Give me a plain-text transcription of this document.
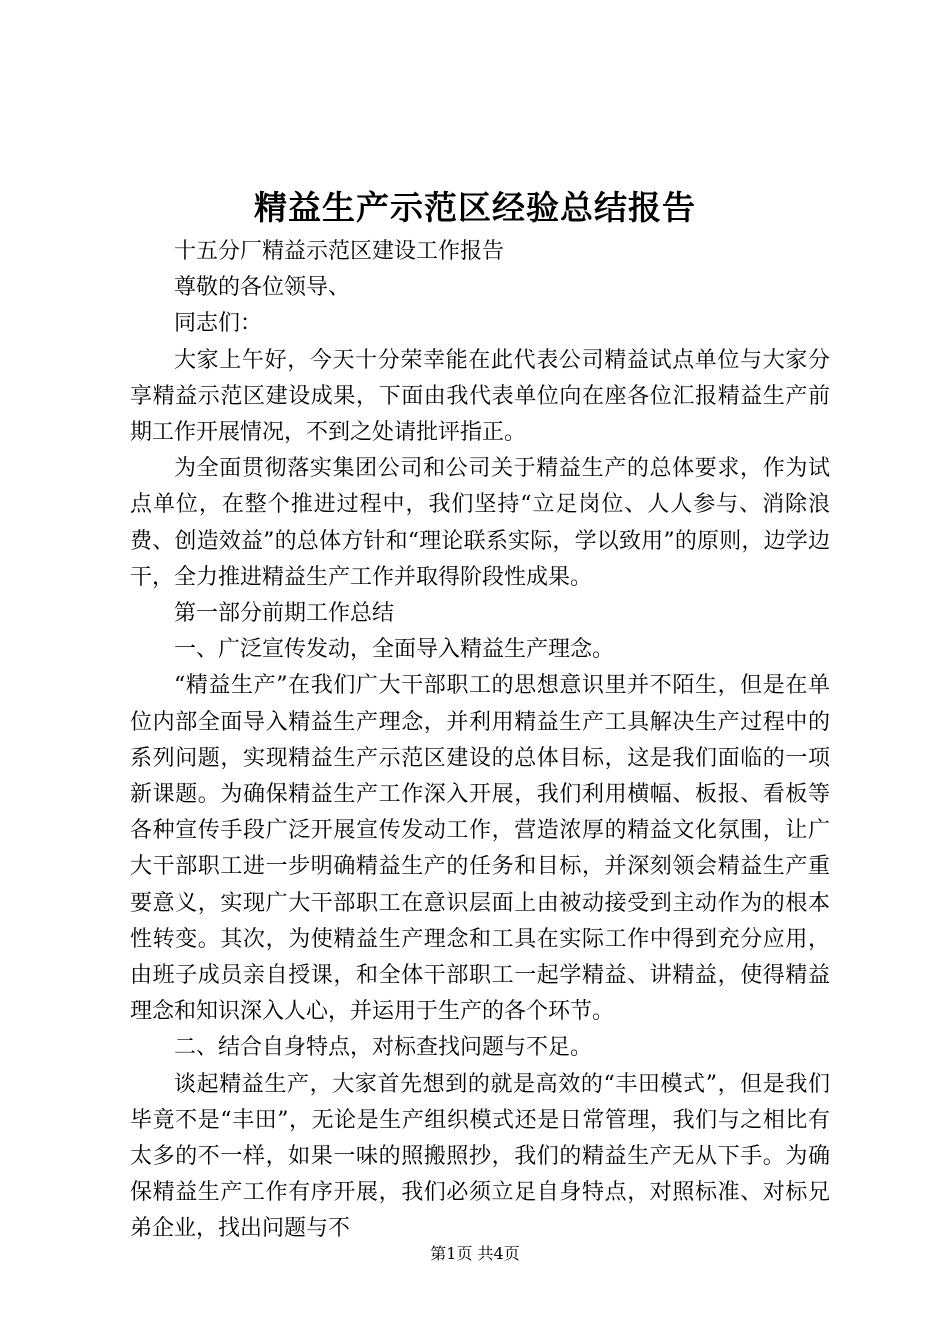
精益生产示范区经验总结报告

十五分厂精益示范区建设工作报告

尊敬的各位领导、

同志们：

大家上午好，今天十分荣幸能在此代表公司精益试点单位与大家分享精益示范区建设成果，下面由我代表单位向在座各位汇报精益生产前期工作开展情况，不到之处请批评指正。

为全面贯彻落实集团公司和公司关于精益生产的总体要求，作为试点单位，在整个推进过程中，我们坚持“立足岗位、人人参与、消除浪费、创造效益”的总体方针和“理论联系实际，学以致用”的原则，边学边干，全力推进精益生产工作并取得阶段性成果。

第一部分前期工作总结

一、广泛宣传发动，全面导入精益生产理念。

“精益生产”在我们广大干部职工的思想意识里并不陌生，但是在单位内部全面导入精益生产理念，并利用精益生产工具解决生产过程中的系列问题，实现精益生产示范区建设的总体目标，这是我们面临的一项新课题。为确保精益生产工作深入开展，我们利用横幅、板报、看板等各种宣传手段广泛开展宣传发动工作，营造浓厚的精益文化氛围，让广大干部职工进一步明确精益生产的任务和目标，并深刻领会精益生产重要意义，实现广大干部职工在意识层面上由被动接受到主动作为的根本性转变。其次，为使精益生产理念和工具在实际工作中得到充分应用，由班子成员亲自授课，和全体干部职工一起学精益、讲精益，使得精益理念和知识深入人心，并运用于生产的各个环节。

二、结合自身特点，对标查找问题与不足。

谈起精益生产，大家首先想到的就是高效的“丰田模式”，但是我们毕竟不是“丰田”，无论是生产组织模式还是日常管理，我们与之相比有太多的不一样，如果一味的照搬照抄，我们的精益生产无从下手。为确保精益生产工作有序开展，我们必须立足自身特点，对照标准、对标兄弟企业，找出问题与不

第1页 共4页
